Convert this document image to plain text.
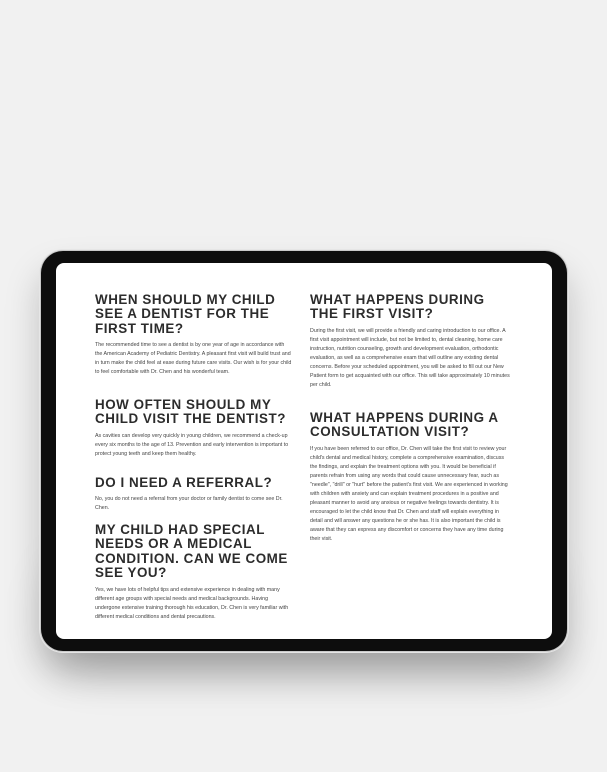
WHEN SHOULD MY CHILD SEE A DENTIST FOR THE FIRST TIME?

The recommended time to see a dentist is by one year of age in accordance with the American Academy of Pediatric Dentistry. A pleasant first visit will build trust and in turn make the child feel at ease during future care visits. Our wish is for your child to feel comfortable with Dr. Chen and his wonderful team.

HOW OFTEN SHOULD MY CHILD VISIT THE DENTIST?

As cavities can develop very quickly in young children, we recommend a check-up every six months to the age of 13. Prevention and early intervention is important to protect young teeth and keep them healthy.

DO I NEED A REFERRAL?

No, you do not need a referral from your doctor or family dentist to come see Dr. Chen.

MY CHILD HAD SPECIAL NEEDS OR A MEDICAL CONDITION. CAN WE COME SEE YOU?

Yes, we have lots of helpful tips and extensive experience in dealing with many different age groups with special needs and medical backgrounds. Having undergone extensive training thorough his education, Dr. Chen is very familiar with different medical conditions and dental precautions.

WHAT HAPPENS DURING THE FIRST VISIT?

During the first visit, we will provide a friendly and caring introduction to our office. A first visit appointment will include, but not be limited to, dental cleaning, home care instruction, nutrition counseling, growth and development evaluation, orthodontic evaluation, as well as a comprehensive exam that will outline any existing dental concerns. Before your scheduled appointment, you will be asked to fill out our New Patient form to get acquainted with our office. This will take approximately 10 minutes per child.

WHAT HAPPENS DURING A CONSULTATION VISIT?

If you have been referred to our office, Dr. Chen will take the first visit to review your child's dental and medical history, complete a comprehensive examination, discuss the findings, and explain the treatment options with you. It would be beneficial if parents refrain from using any words that could cause unnecessary fear, such as "needle", "drill" or "hurt" before the patient's first visit. We are experienced in working with children with anxiety and can explain treatment procedures in a positive and pleasant manner to avoid any anxious or negative feelings towards dentistry. It is encouraged to let the child know that Dr. Chen and staff will explain everything in detail and will answer any questions he or she has. It is also important the child is aware that they can express any discomfort or concerns they have any time during their visit.
